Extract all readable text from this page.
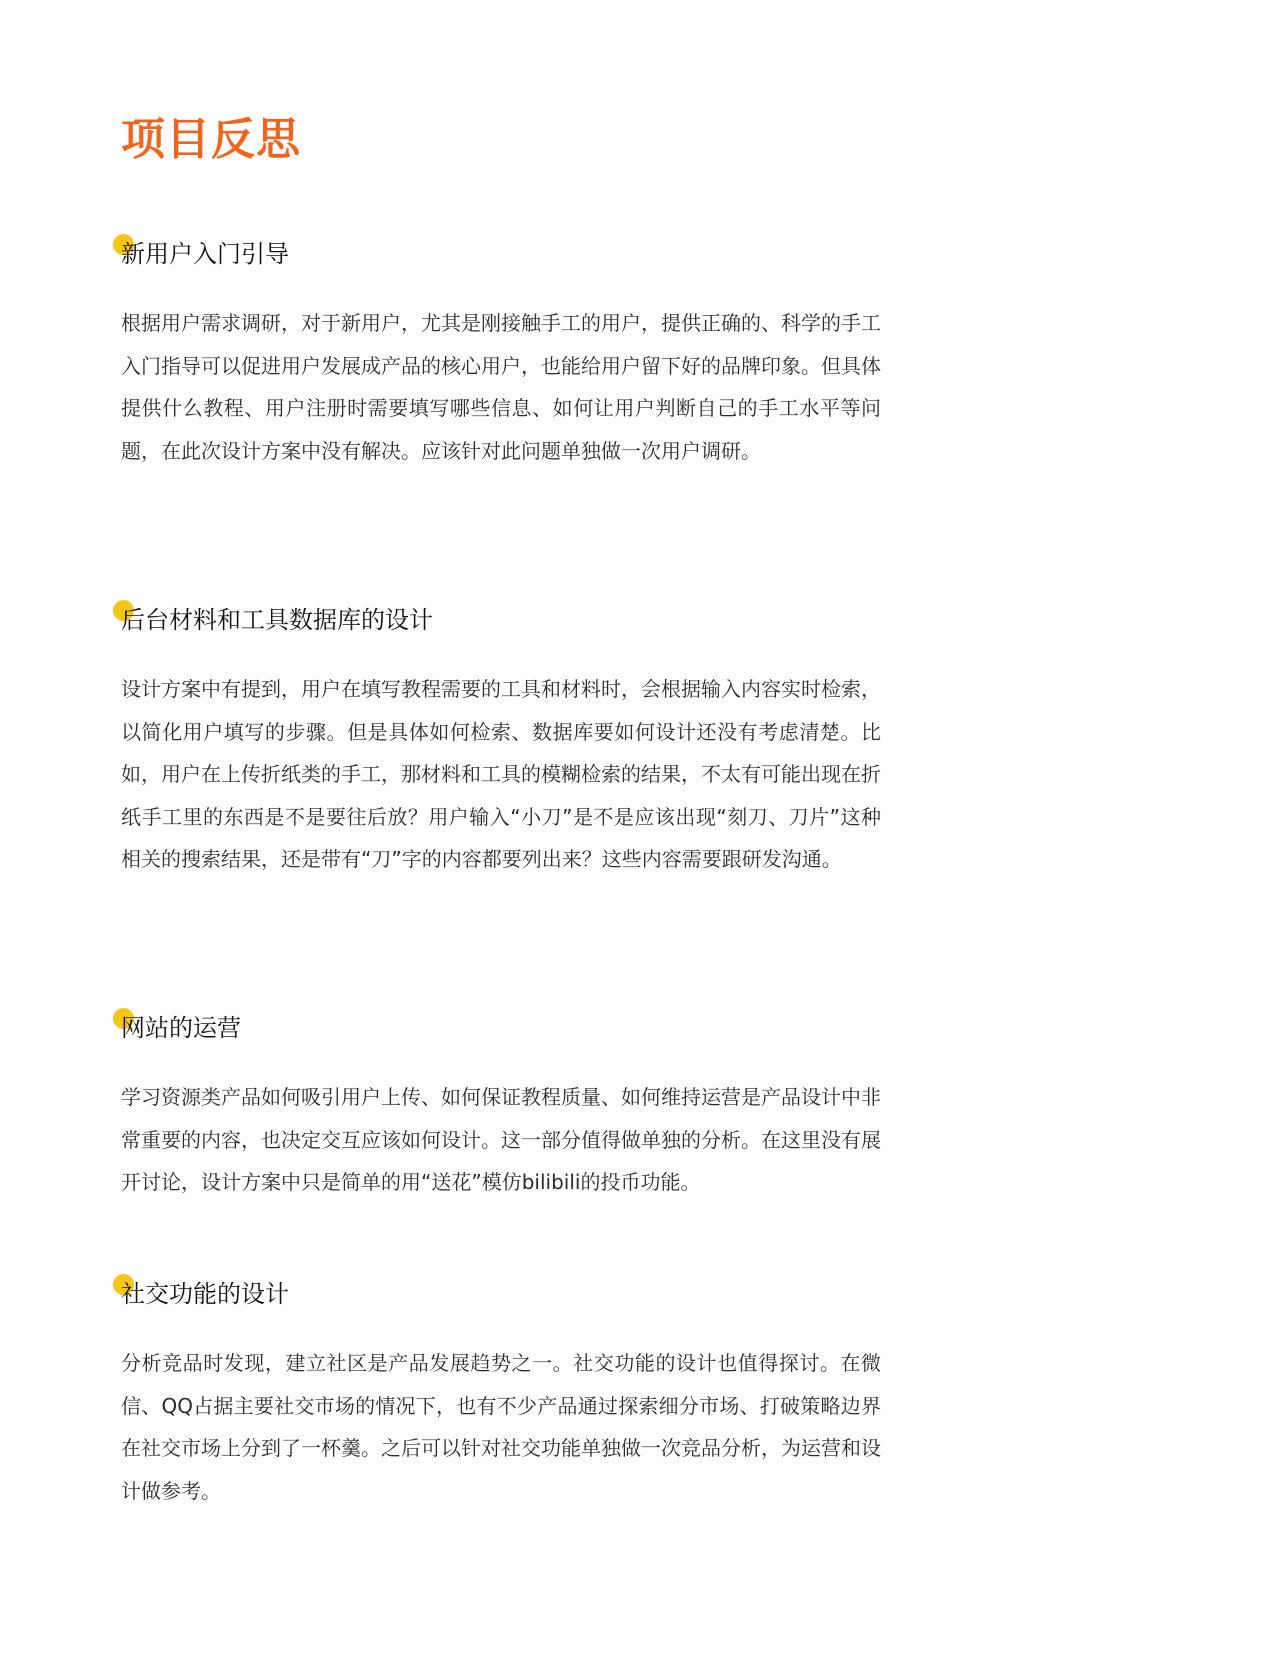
项目反思
新用户入门引导

根据用户需求调研，对于新用户，尤其是刚接触手工的用户，提供正确的、科学的手工入门指导可以促进用户发展成产品的核心用户，也能给用户留下好的品牌印象。但具体提供什么教程、用户注册时需要填写哪些信息、如何让用户判断自己的手工水平等问题，在此次设计方案中没有解决。应该针对此问题单独做一次用户调研。

后台材料和工具数据库的设计

设计方案中有提到，用户在填写教程需要的工具和材料时，会根据输入内容实时检索，以简化用户填写的步骤。但是具体如何检索、数据库要如何设计还没有考虑清楚。比如，用户在上传折纸类的手工，那材料和工具的模糊检索的结果，不太有可能出现在折纸手工里的东西是不是要往后放？用户输入“小刀”是不是应该出现“刻刀、刀片”这种相关的搜索结果，还是带有“刀”字的内容都要列出来？这些内容需要跟研发沟通。

网站的运营

学习资源类产品如何吸引用户上传、如何保证教程质量、如何维持运营是产品设计中非常重要的内容，也决定交互应该如何设计。这一部分值得做单独的分析。在这里没有展开讨论，设计方案中只是简单的用“送花”模仿bilibili的投币功能。

社交功能的设计

分析竞品时发现，建立社区是产品发展趋势之一。社交功能的设计也值得探讨。在微信、QQ占据主要社交市场的情况下，也有不少产品通过探索细分市场、打破策略边界在社交市场上分到了一杯羹。之后可以针对社交功能单独做一次竞品分析，为运营和设计做参考。
